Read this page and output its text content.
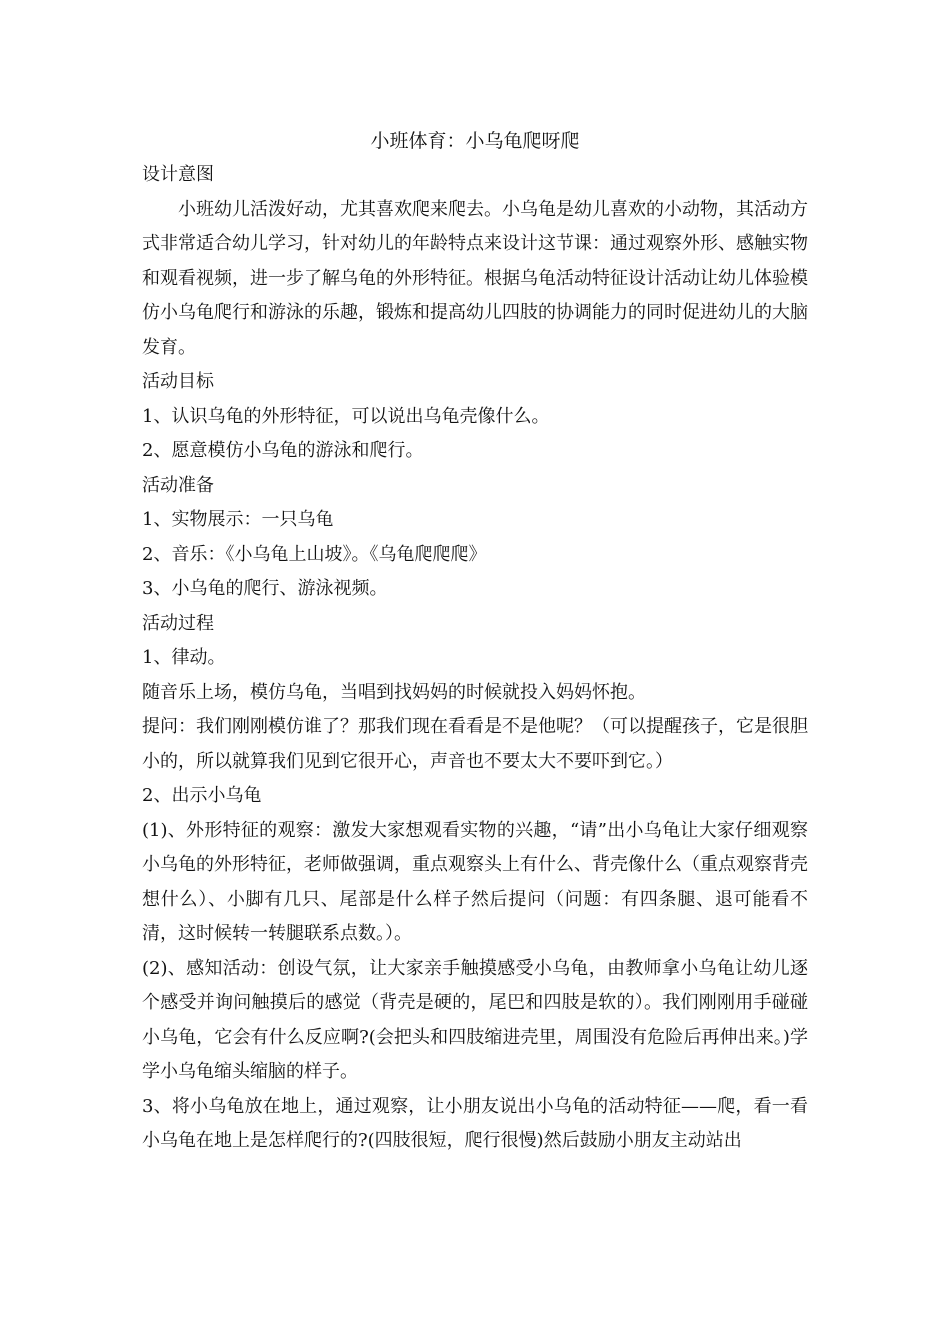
小班体育：小乌龟爬呀爬

设计意图

小班幼儿活泼好动，尤其喜欢爬来爬去。小乌龟是幼儿喜欢的小动物，其活动方式非常适合幼儿学习，针对幼儿的年龄特点来设计这节课：通过观察外形、感触实物和观看视频，进一步了解乌龟的外形特征。根据乌龟活动特征设计活动让幼儿体验模仿小乌龟爬行和游泳的乐趣，锻炼和提高幼儿四肢的协调能力的同时促进幼儿的大脑发育。

活动目标

1、认识乌龟的外形特征，可以说出乌龟壳像什么。

2、愿意模仿小乌龟的游泳和爬行。

活动准备

1、实物展示：一只乌龟

2、音乐：《小乌龟上山坡》。《乌龟爬爬爬》

3、小乌龟的爬行、游泳视频。

活动过程

1、律动。

随音乐上场，模仿乌龟，当唱到找妈妈的时候就投入妈妈怀抱。

提问：我们刚刚模仿谁了？那我们现在看看是不是他呢？（可以提醒孩子，它是很胆小的，所以就算我们见到它很开心，声音也不要太大不要吓到它。）

2、出示小乌龟

(1)、外形特征的观察：激发大家想观看实物的兴趣，“请”出小乌龟让大家仔细观察小乌龟的外形特征，老师做强调，重点观察头上有什么、背壳像什么（重点观察背壳想什么）、小脚有几只、尾部是什么样子然后提问（问题：有四条腿、退可能看不清，这时候转一转腿联系点数。）。

(2)、感知活动：创设气氛，让大家亲手触摸感受小乌龟，由教师拿小乌龟让幼儿逐个感受并询问触摸后的感觉（背壳是硬的，尾巴和四肢是软的）。我们刚刚用手碰碰小乌龟，它会有什么反应啊?(会把头和四肢缩进壳里，周围没有危险后再伸出来。)学学小乌龟缩头缩脑的样子。

3、将小乌龟放在地上，通过观察，让小朋友说出小乌龟的活动特征——爬，看一看小乌龟在地上是怎样爬行的?(四肢很短，爬行很慢)然后鼓励小朋友主动站出
